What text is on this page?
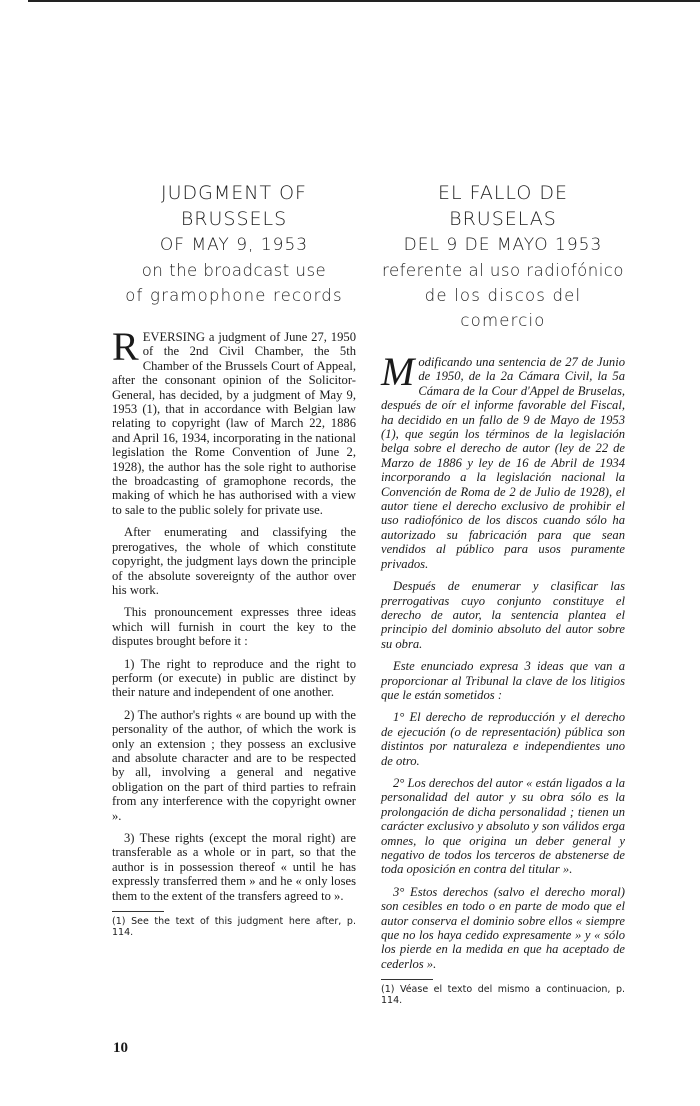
JUDGMENT OF BRUSSELS
OF MAY 9, 1953
on the broadcast use
of gramophone records

REVERSING a judgment of June 27, 1950 of the 2nd Civil Chamber, the 5th Chamber of the Brussels Court of Appeal, after the consonant opinion of the Solicitor-General, has decided, by a judgment of May 9, 1953 (1), that in accordance with Belgian law relating to copyright (law of March 22, 1886 and April 16, 1934, incorporating in the national legislation the Rome Convention of June 2, 1928), the author has the sole right to authorise the broadcasting of gramophone records, the making of which he has authorised with a view to sale to the public solely for private use.

After enumerating and classifying the prerogatives, the whole of which constitute copyright, the judgment lays down the principle of the absolute sovereignty of the author over his work.

This pronouncement expresses three ideas which will furnish in court the key to the disputes brought before it :

1) The right to reproduce and the right to perform (or execute) in public are distinct by their nature and independent of one another.

2) The author's rights « are bound up with the personality of the author, of which the work is only an extension ; they possess an exclusive and absolute character and are to be respected by all, involving a general and negative obligation on the part of third parties to refrain from any interference with the copyright owner ».

3) These rights (except the moral right) are transferable as a whole or in part, so that the author is in possession thereof « until he has expressly transferred them » and he « only loses them to the extent of the transfers agreed to ».

(1) See the text of this judgment here after, p. 114.
EL FALLO DE BRUSELAS
DEL 9 DE MAYO 1953
referente al uso radiofónico
de los discos del comercio

Modificando una sentencia de 27 de Junio de 1950, de la 2a Cámara Civil, la 5a Cámara de la Cour d'Appel de Bruselas, después de oír el informe favorable del Fiscal, ha decidido en un fallo de 9 de Mayo de 1953 (1), que según los términos de la legislación belga sobre el derecho de autor (ley de 22 de Marzo de 1886 y ley de 16 de Abril de 1934 incorporando a la legislación nacional la Convención de Roma de 2 de Julio de 1928), el autor tiene el derecho exclusivo de prohibir el uso radiofónico de los discos cuando sólo ha autorizado su fabricación para que sean vendidos al público para usos puramente privados.

Después de enumerar y clasificar las prerrogativas cuyo conjunto constituye el derecho de autor, la sentencia plantea el principio del dominio absoluto del autor sobre su obra.

Este enunciado expresa 3 ideas que van a proporcionar al Tribunal la clave de los litigios que le están sometidos :

1° El derecho de reproducción y el derecho de ejecución (o de representación) pública son distintos por naturaleza e independientes uno de otro.

2° Los derechos del autor « están ligados a la personalidad del autor y su obra sólo es la prolongación de dicha personalidad ; tienen un carácter exclusivo y absoluto y son válidos erga omnes, lo que origina un deber general y negativo de todos los terceros de abstenerse de toda oposición en contra del titular ».

3° Estos derechos (salvo el derecho moral) son cesibles en todo o en parte de modo que el autor conserva el dominio sobre ellos « siempre que no los haya cedido expresamente » y « sólo los pierde en la medida en que ha aceptado de cederlos ».

(1) Véase el texto del mismo a continuacion, p. 114.
10
